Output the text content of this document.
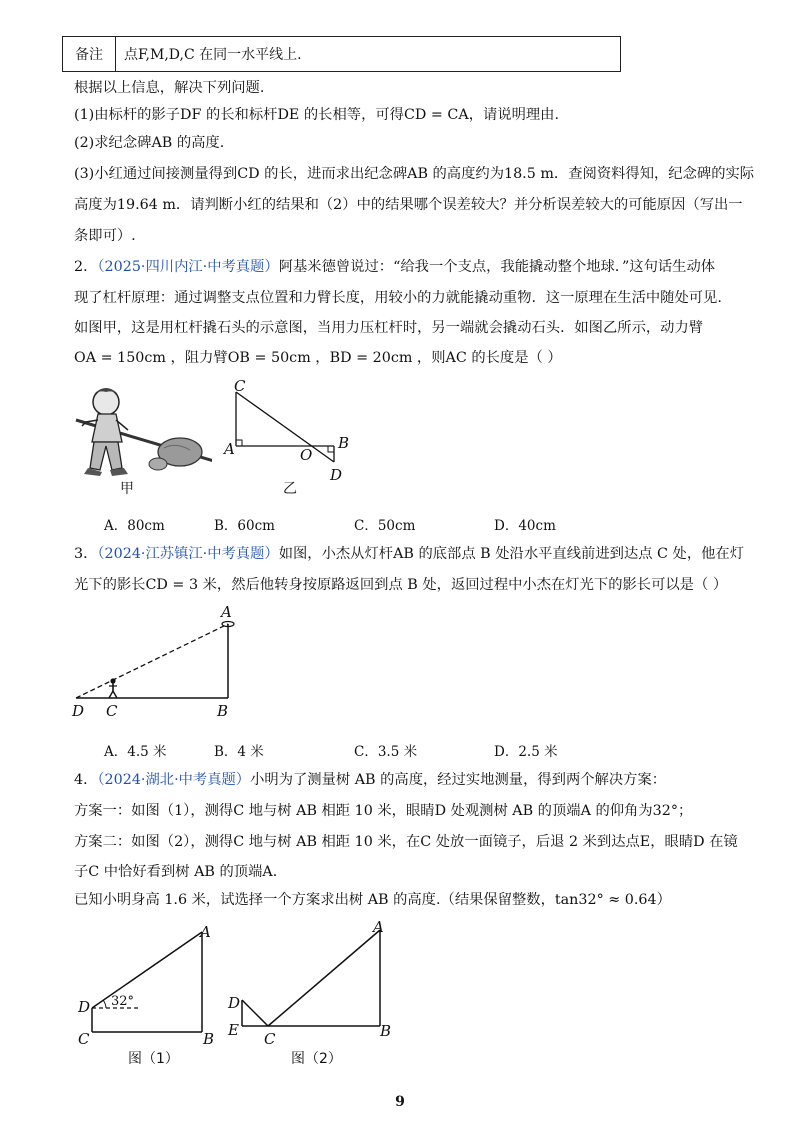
备注	点F,M,D,C 在同一水平线上.
根据以上信息，解决下列问题.
(1)由标杆的影子DF 的长和标杆DE 的长相等，可得CD = CA，请说明理由.
(2)求纪念碑AB 的高度.
(3)小红通过间接测量得到CD 的长，进而求出纪念碑AB 的高度约为18.5 m．查阅资料得知，纪念碑的实际
高度为19.64 m．请判断小红的结果和（2）中的结果哪个误差较大？并分析误差较大的可能原因（写出一
条即可）.
2．（2025·四川内江·中考真题）阿基米德曾说过：“给我一个支点，我能撬动整个地球．”这句话生动体
现了杠杆原理：通过调整支点位置和力臂长度，用较小的力就能撬动重物．这一原理在生活中随处可见.
如图甲，这是用杠杆撬石头的示意图，当用力压杠杆时，另一端就会撬动石头．如图乙所示，动力臂
OA = 150cm ，阻力臂OB = 50cm ，BD = 20cm ，则AC 的长度是（ ）
甲
C
A	B
O
D
乙
A．80cm	B．60cm	C．50cm	D．40cm
3．（2024·江苏镇江·中考真题）如图，小杰从灯杆AB 的底部点 B 处沿水平直线前进到达点 C 处，他在灯
光下的影长CD = 3 米，然后他转身按原路返回到点 B 处，返回过程中小杰在灯光下的影长可以是（ ）
A
D C	B
A．4.5 米	B．4 米	C．3.5 米	D．2.5 米
4．（2024·湖北·中考真题）小明为了测量树 AB 的高度，经过实地测量，得到两个解决方案：
方案一：如图（1），测得C 地与树 AB 相距 10 米，眼睛D 处观测树 AB 的顶端A 的仰角为32°；
方案二：如图（2），测得C 地与树 AB 相距 10 米，在C 处放一面镜子，后退 2 米到达点E，眼睛D 在镜
子C 中恰好看到树 AB 的顶端A．
已知小明身高 1.6 米，试选择一个方案求出树 AB 的高度.（结果保留整数，tan32° ≈ 0.64）
A
D 32°
C	B
图（1）
A
D
E C	B
图（2）
9
